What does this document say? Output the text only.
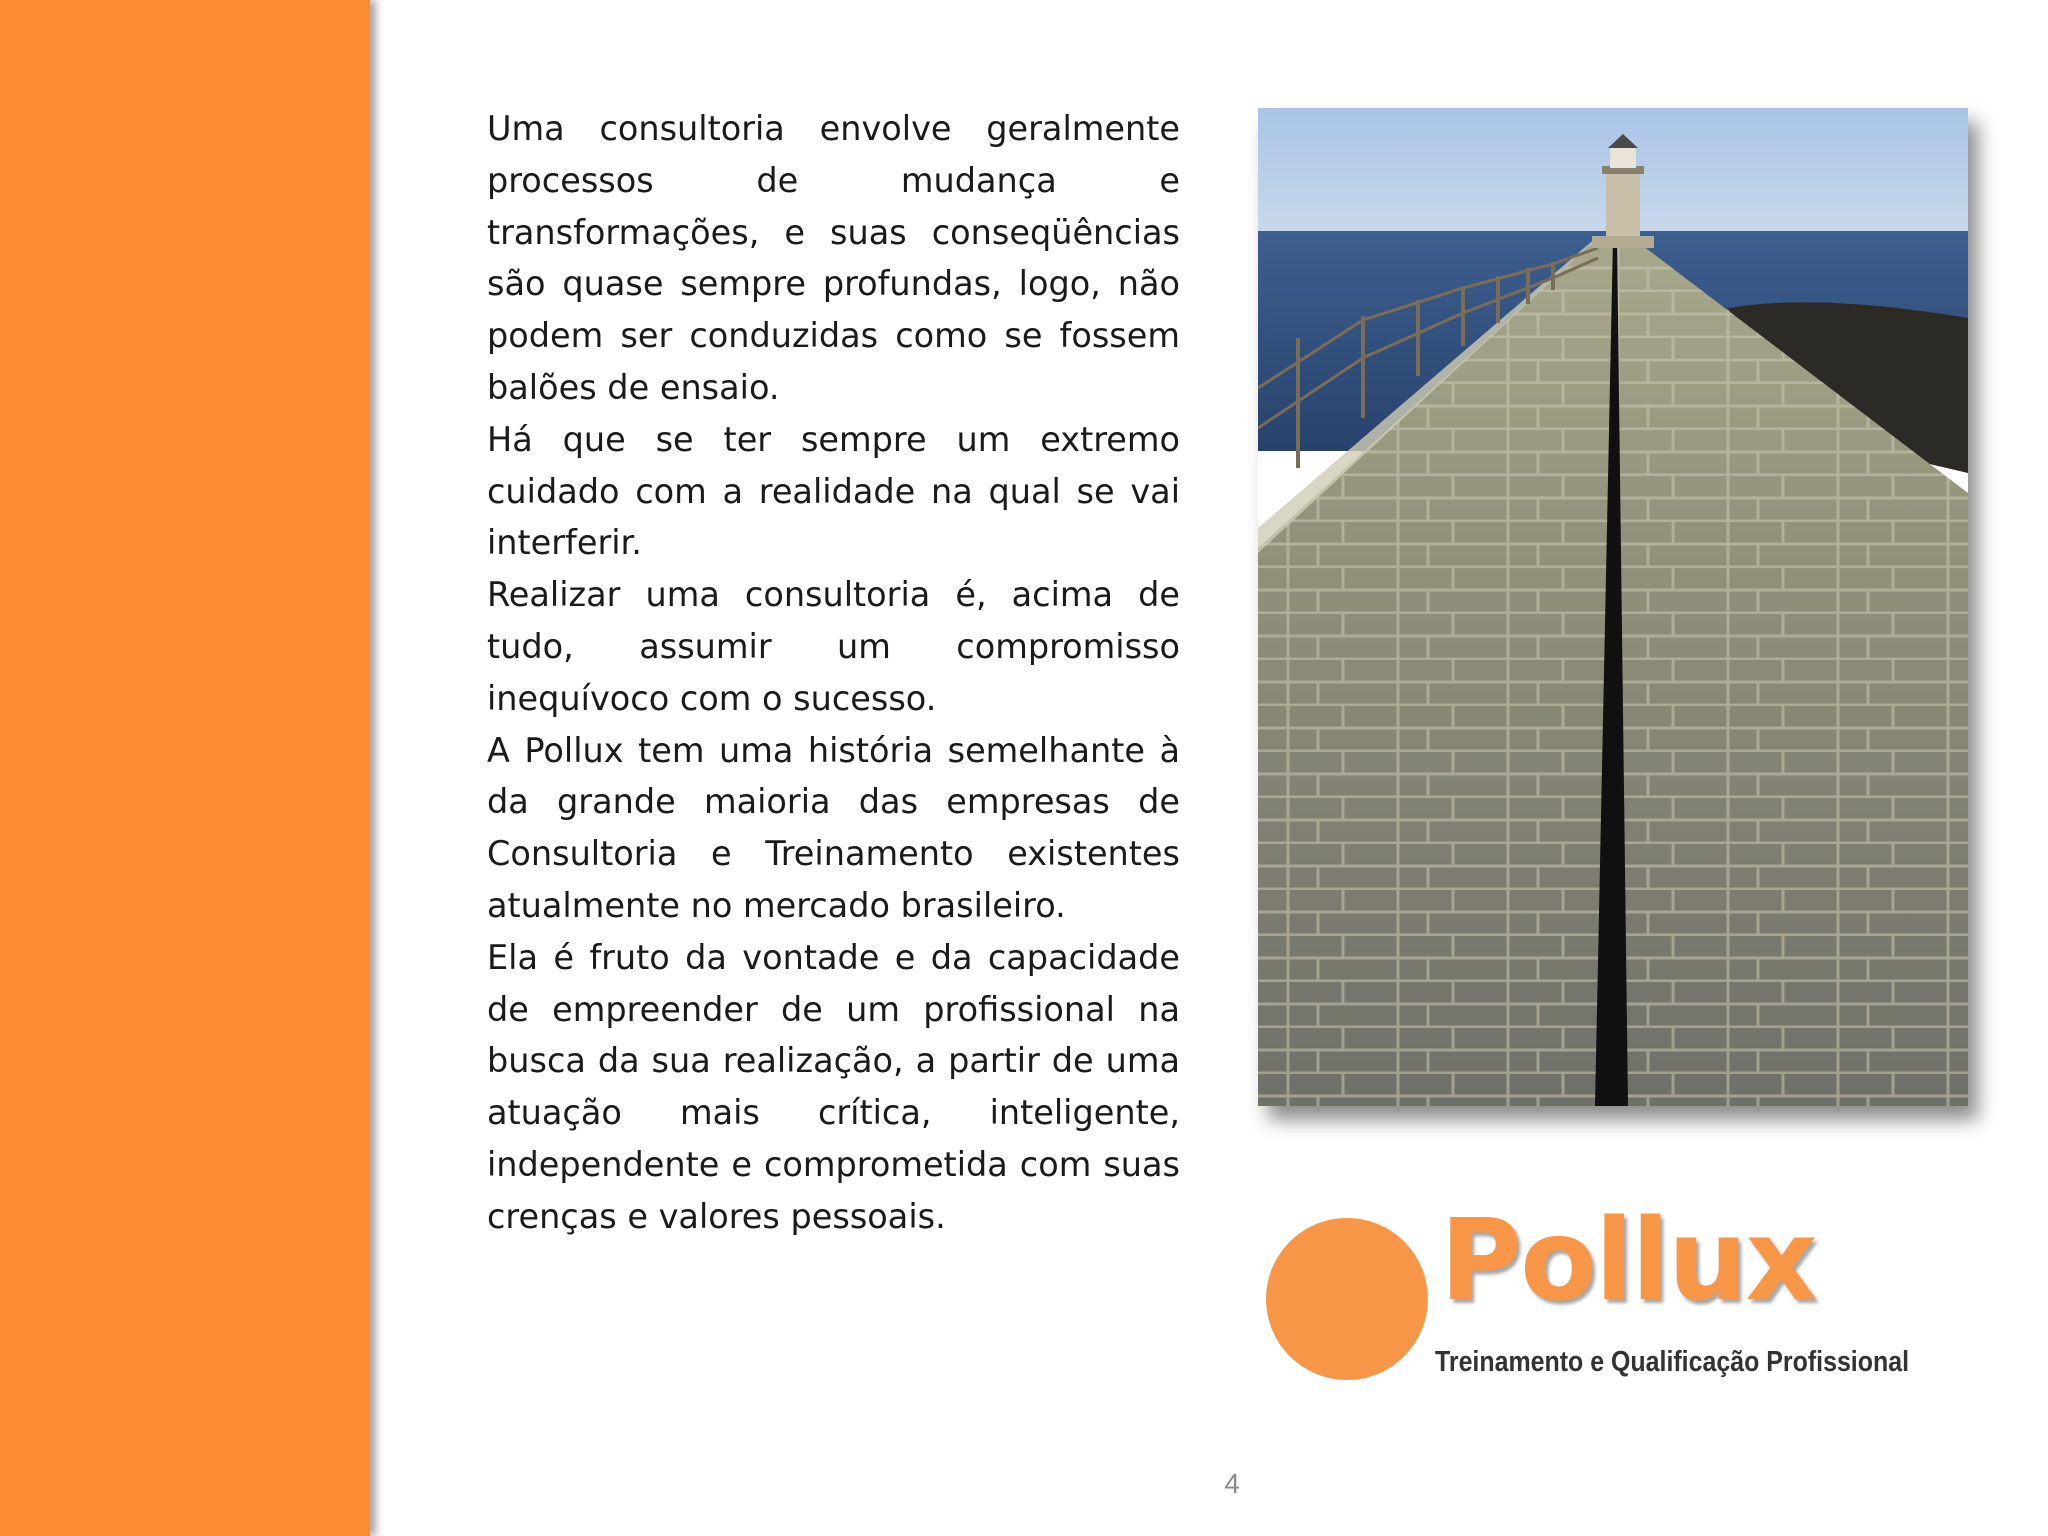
Uma consultoria envolve geralmente processos de mudança e transformações, e suas conseqüências são quase sempre profundas, logo, não podem ser conduzidas como se fossem balões de ensaio.

Há que se ter sempre um extremo cuidado com a realidade na qual se vai interferir.

Realizar uma consultoria é, acima de tudo, assumir um compromisso inequívoco com o sucesso.

A Pollux tem uma história semelhante à da grande maioria das empresas de Consultoria e Treinamento existentes atualmente no mercado brasileiro.

Ela é fruto da vontade e da capacidade de empreender de um profissional na busca da sua realização, a partir de uma atuação mais crítica, inteligente, independente e comprometida com suas crenças e valores pessoais.	Pollux
Treinamento e Qualificação Profissional
4
